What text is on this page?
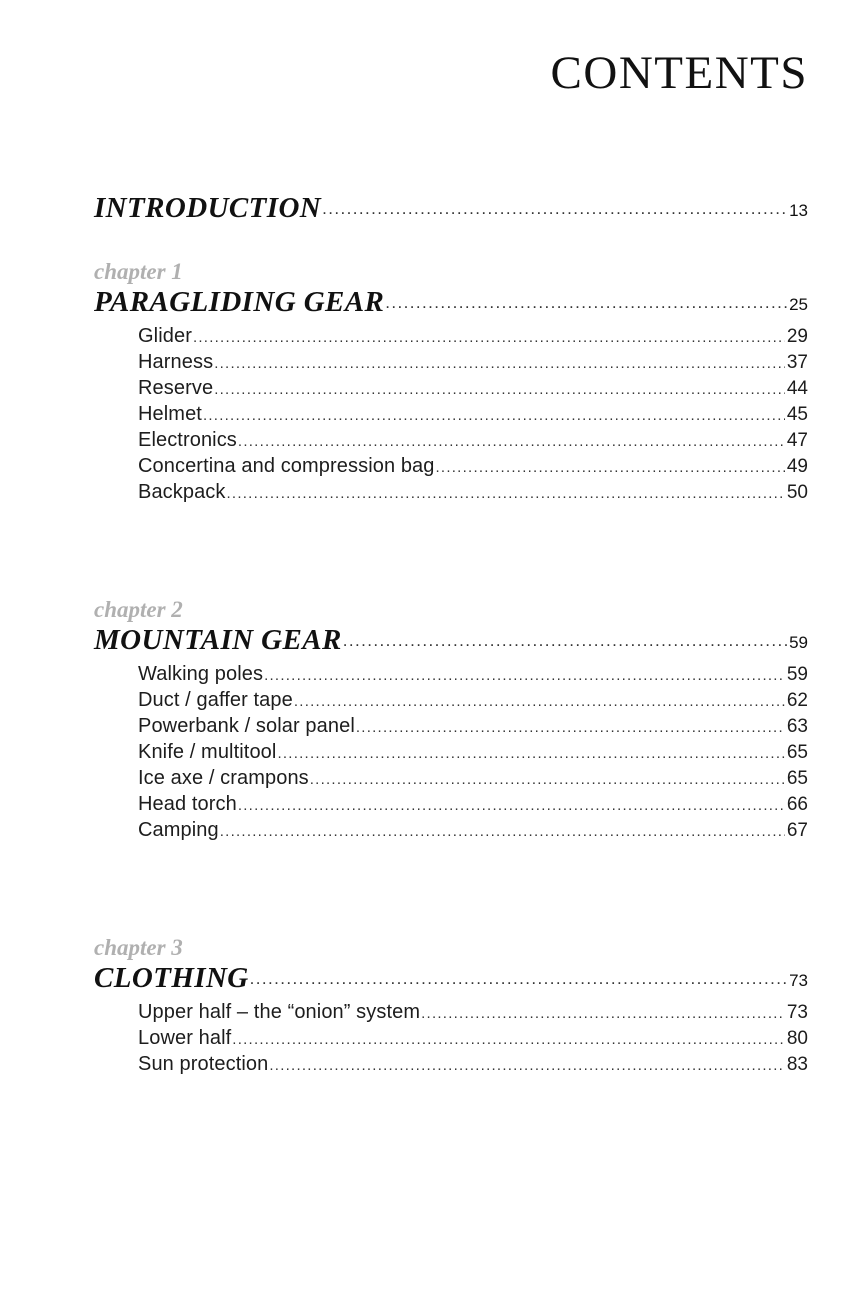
CONTENTS
INTRODUCTION .....	13
chapter 1
PARAGLIDING GEAR .....	25
Glider .....	29
Harness .....	37
Reserve .....	44
Helmet .....	45
Electronics .....	47
Concertina and compression bag .....	49
Backpack .....	50
chapter 2
MOUNTAIN GEAR .....	59
Walking poles .....	59
Duct / gaffer tape .....	62
Powerbank / solar panel .....	63
Knife / multitool .....	65
Ice axe / crampons .....	65
Head torch .....	66
Camping .....	67
chapter 3
CLOTHING .....	73
Upper half – the “onion” system .....	73
Lower half .....	80
Sun protection .....	83
